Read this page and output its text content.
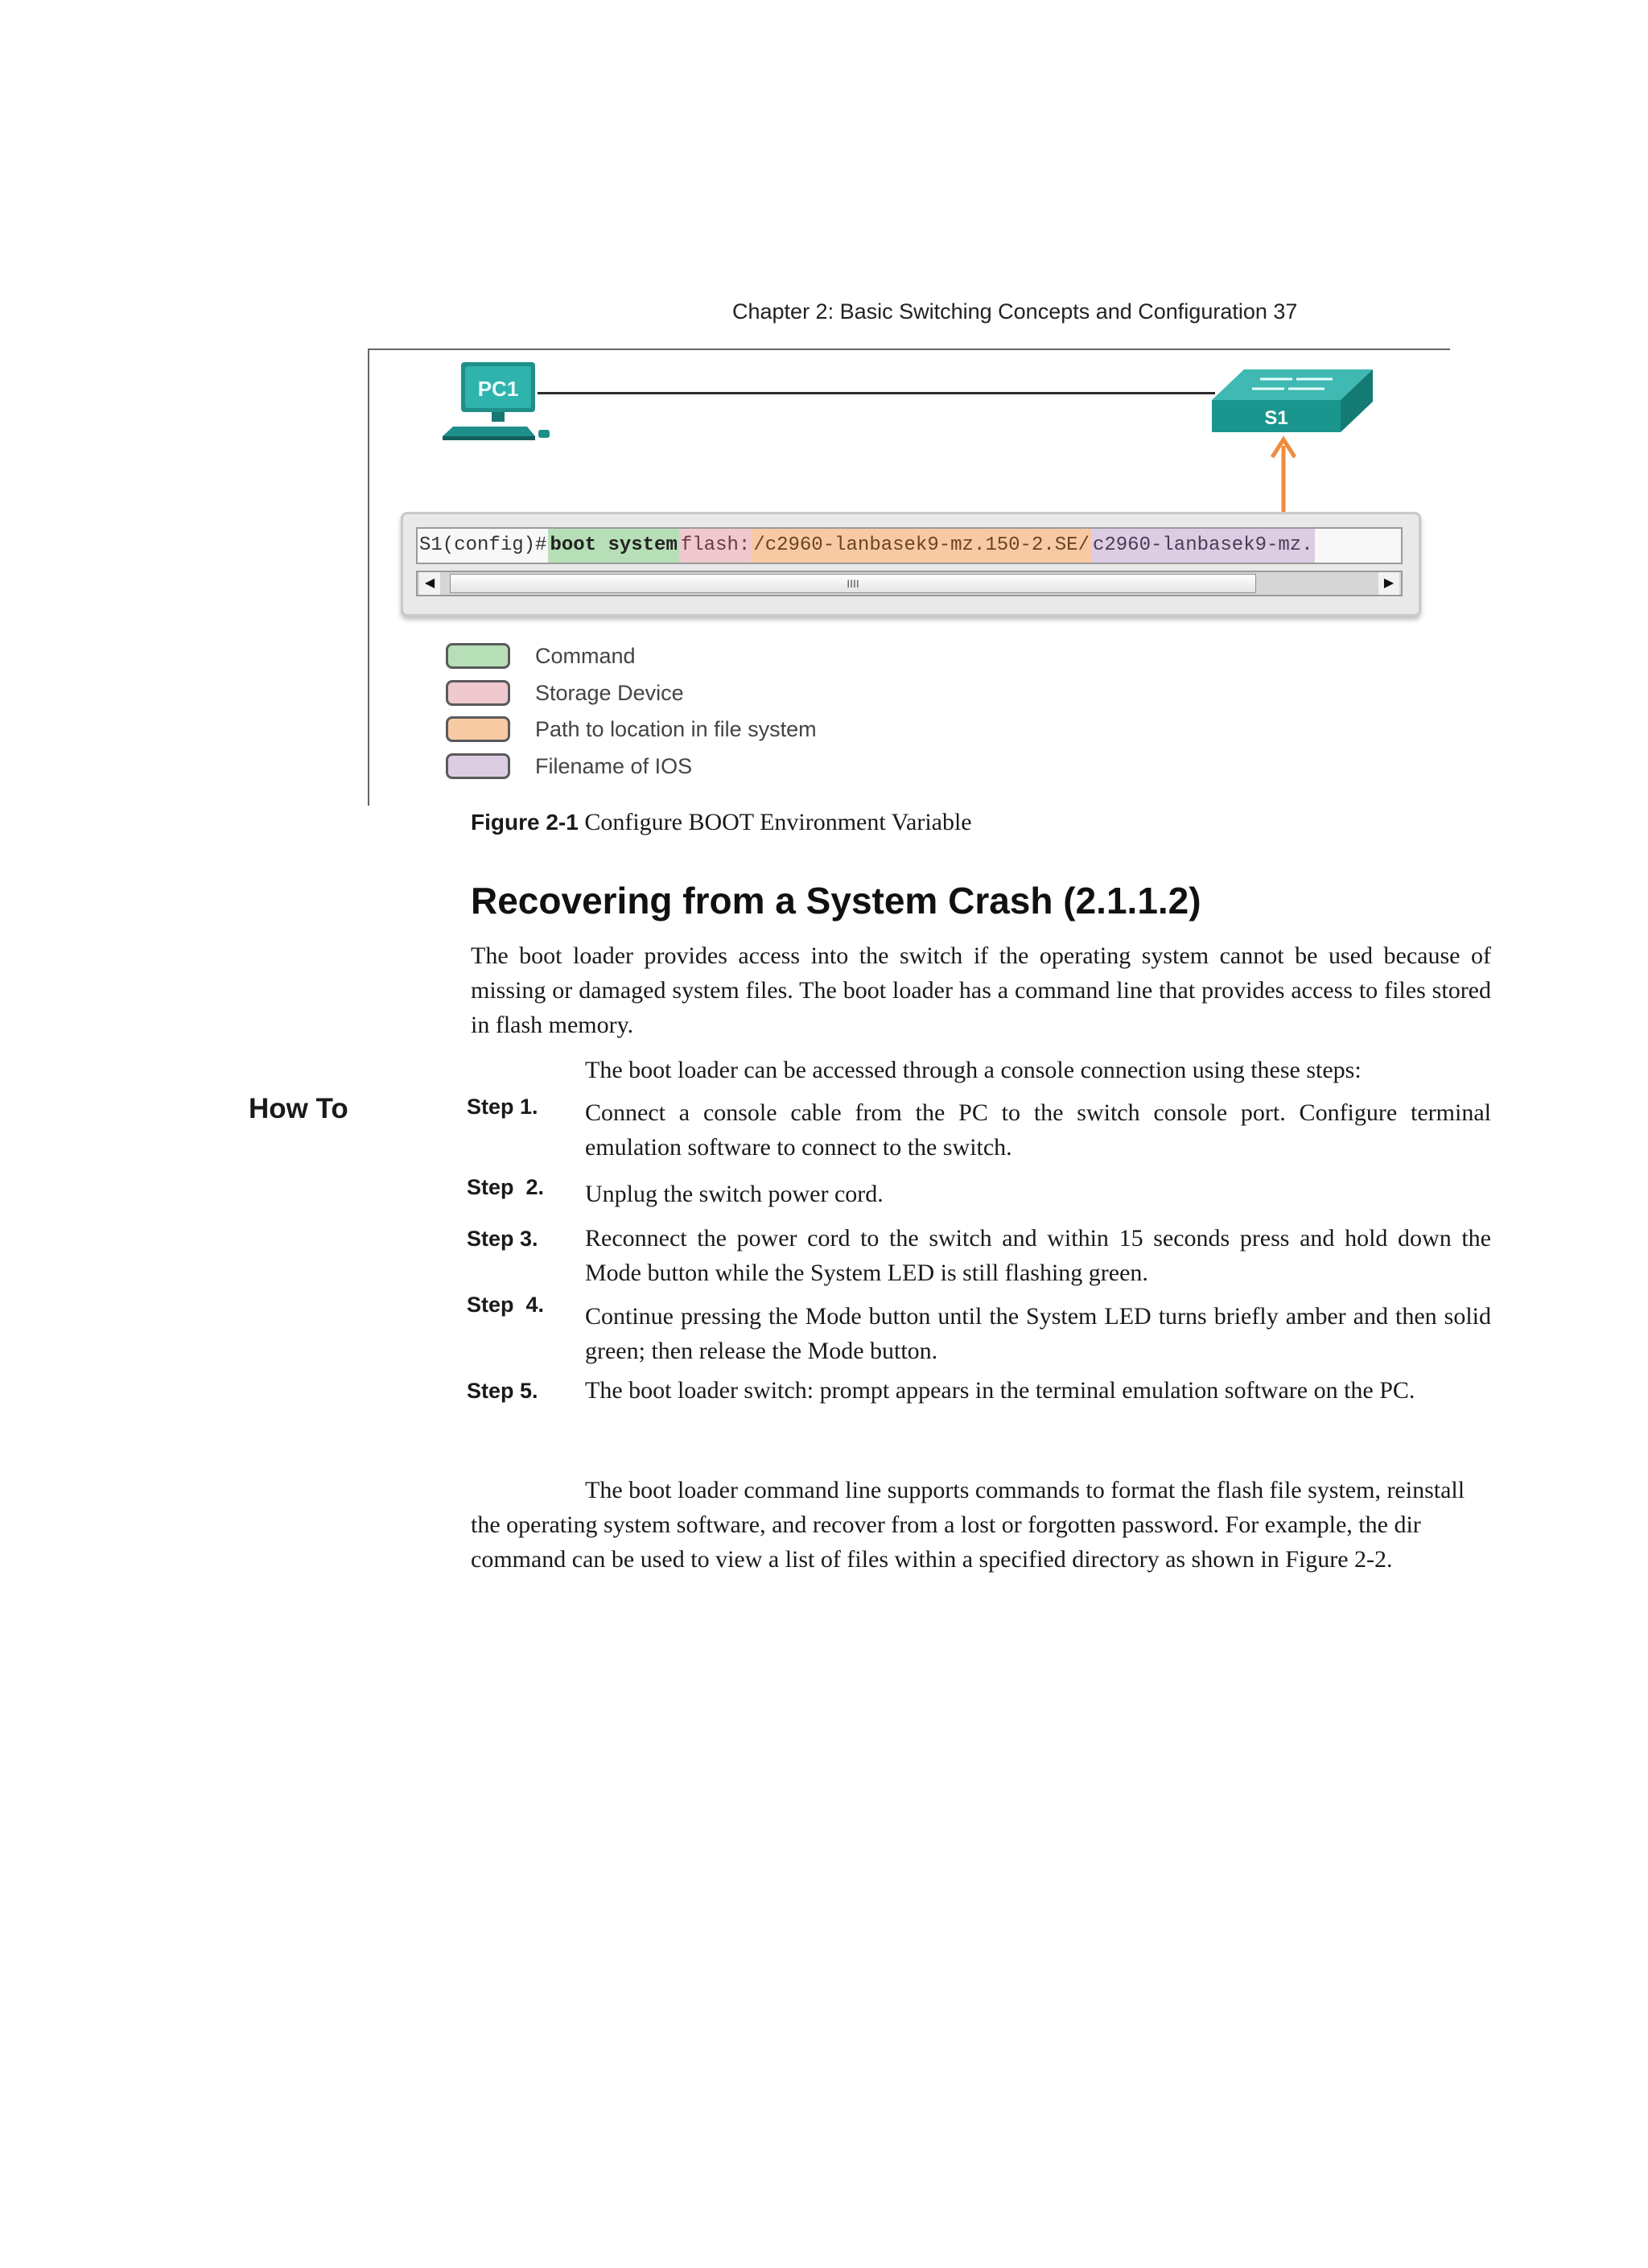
Chapter 2: Basic Switching Concepts and Configuration 37
PC1
S1
S1(config)# boot system flash: /c2960-lanbasek9-mz.150-2.SE/ c2960-lanbasek9-mz.
◀	IIII	▶
Command
Storage Device
Path to location in file system
Filename of IOS
Figure 2-1 Configure BOOT Environment Variable
Recovering from a System Crash (2.1.1.2)
The boot loader provides access into the switch if the operating system cannot be used because of missing or damaged system files. The boot loader has a command line that provides access to files stored in flash memory.
The boot loader can be accessed through a console connection using these steps:
How To	Step 1. Connect a console cable from the PC to the switch console port. Configure terminal emulation software to connect to the switch.
Step  2. Unplug the switch power cord.
Step 3. Reconnect the power cord to the switch and within 15 seconds press and hold down the Mode button while the System LED is still flashing green.
Step  4. Continue pressing the Mode button until the System LED turns briefly amber and then solid green; then release the Mode button.
Step 5. The boot loader switch: prompt appears in the terminal emulation software on the PC.
The boot loader command line supports commands to format the flash file system, reinstall the operating system software, and recover from a lost or forgotten password. For example, the dir command can be used to view a list of files within a specified directory as shown in Figure 2-2.
